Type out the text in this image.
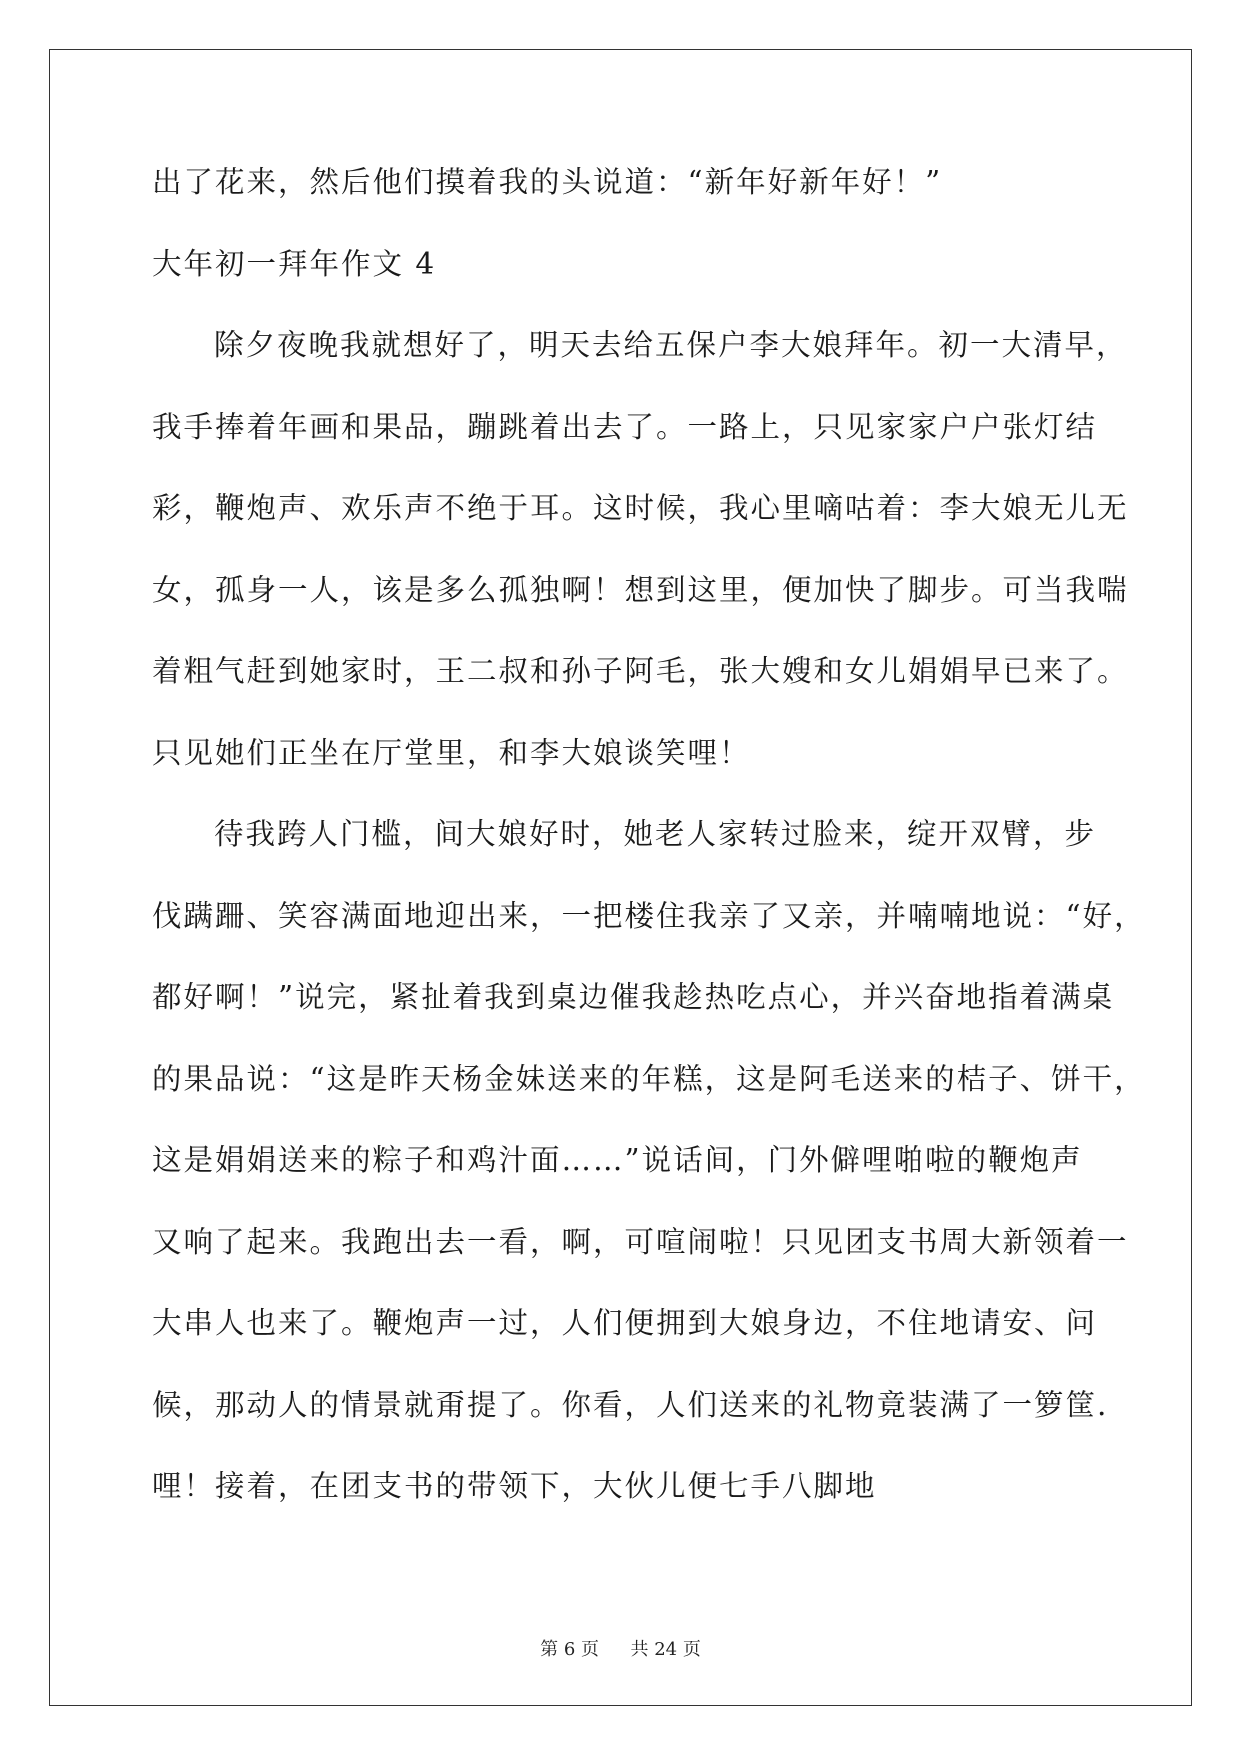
出了花来，然后他们摸着我的头说道：“新年好新年好！”
大年初一拜年作文 4
除夕夜晚我就想好了，明天去给五保户李大娘拜年。初一大清早，
我手捧着年画和果品，蹦跳着出去了。一路上，只见家家户户张灯结
彩，鞭炮声、欢乐声不绝于耳。这时候，我心里嘀咕着：李大娘无儿无
女，孤身一人，该是多么孤独啊！想到这里，便加快了脚步。可当我喘
着粗气赶到她家时，王二叔和孙子阿毛，张大嫂和女儿娟娟早已来了。
只见她们正坐在厅堂里，和李大娘谈笑哩！
待我跨人门槛，间大娘好时，她老人家转过脸来，绽开双臂，步
伐蹒跚、笑容满面地迎出来，一把楼住我亲了又亲，并喃喃地说：“好，
都好啊！”说完，紧扯着我到桌边催我趁热吃点心，并兴奋地指着满桌
的果品说：“这是昨天杨金妹送来的年糕，这是阿毛送来的桔子、饼干，
这是娟娟送来的粽子和鸡汁面……”说话间，门外僻哩啪啦的鞭炮声
又响了起来。我跑出去一看，啊，可喧闹啦！只见团支书周大新领着一
大串人也来了。鞭炮声一过，人们便拥到大娘身边，不住地请安、问
候，那动人的情景就甭提了。你看，人们送来的礼物竟装满了一箩筐.
哩！接着，在团支书的带领下，大伙儿便七手八脚地
第 6 页 共 24 页
